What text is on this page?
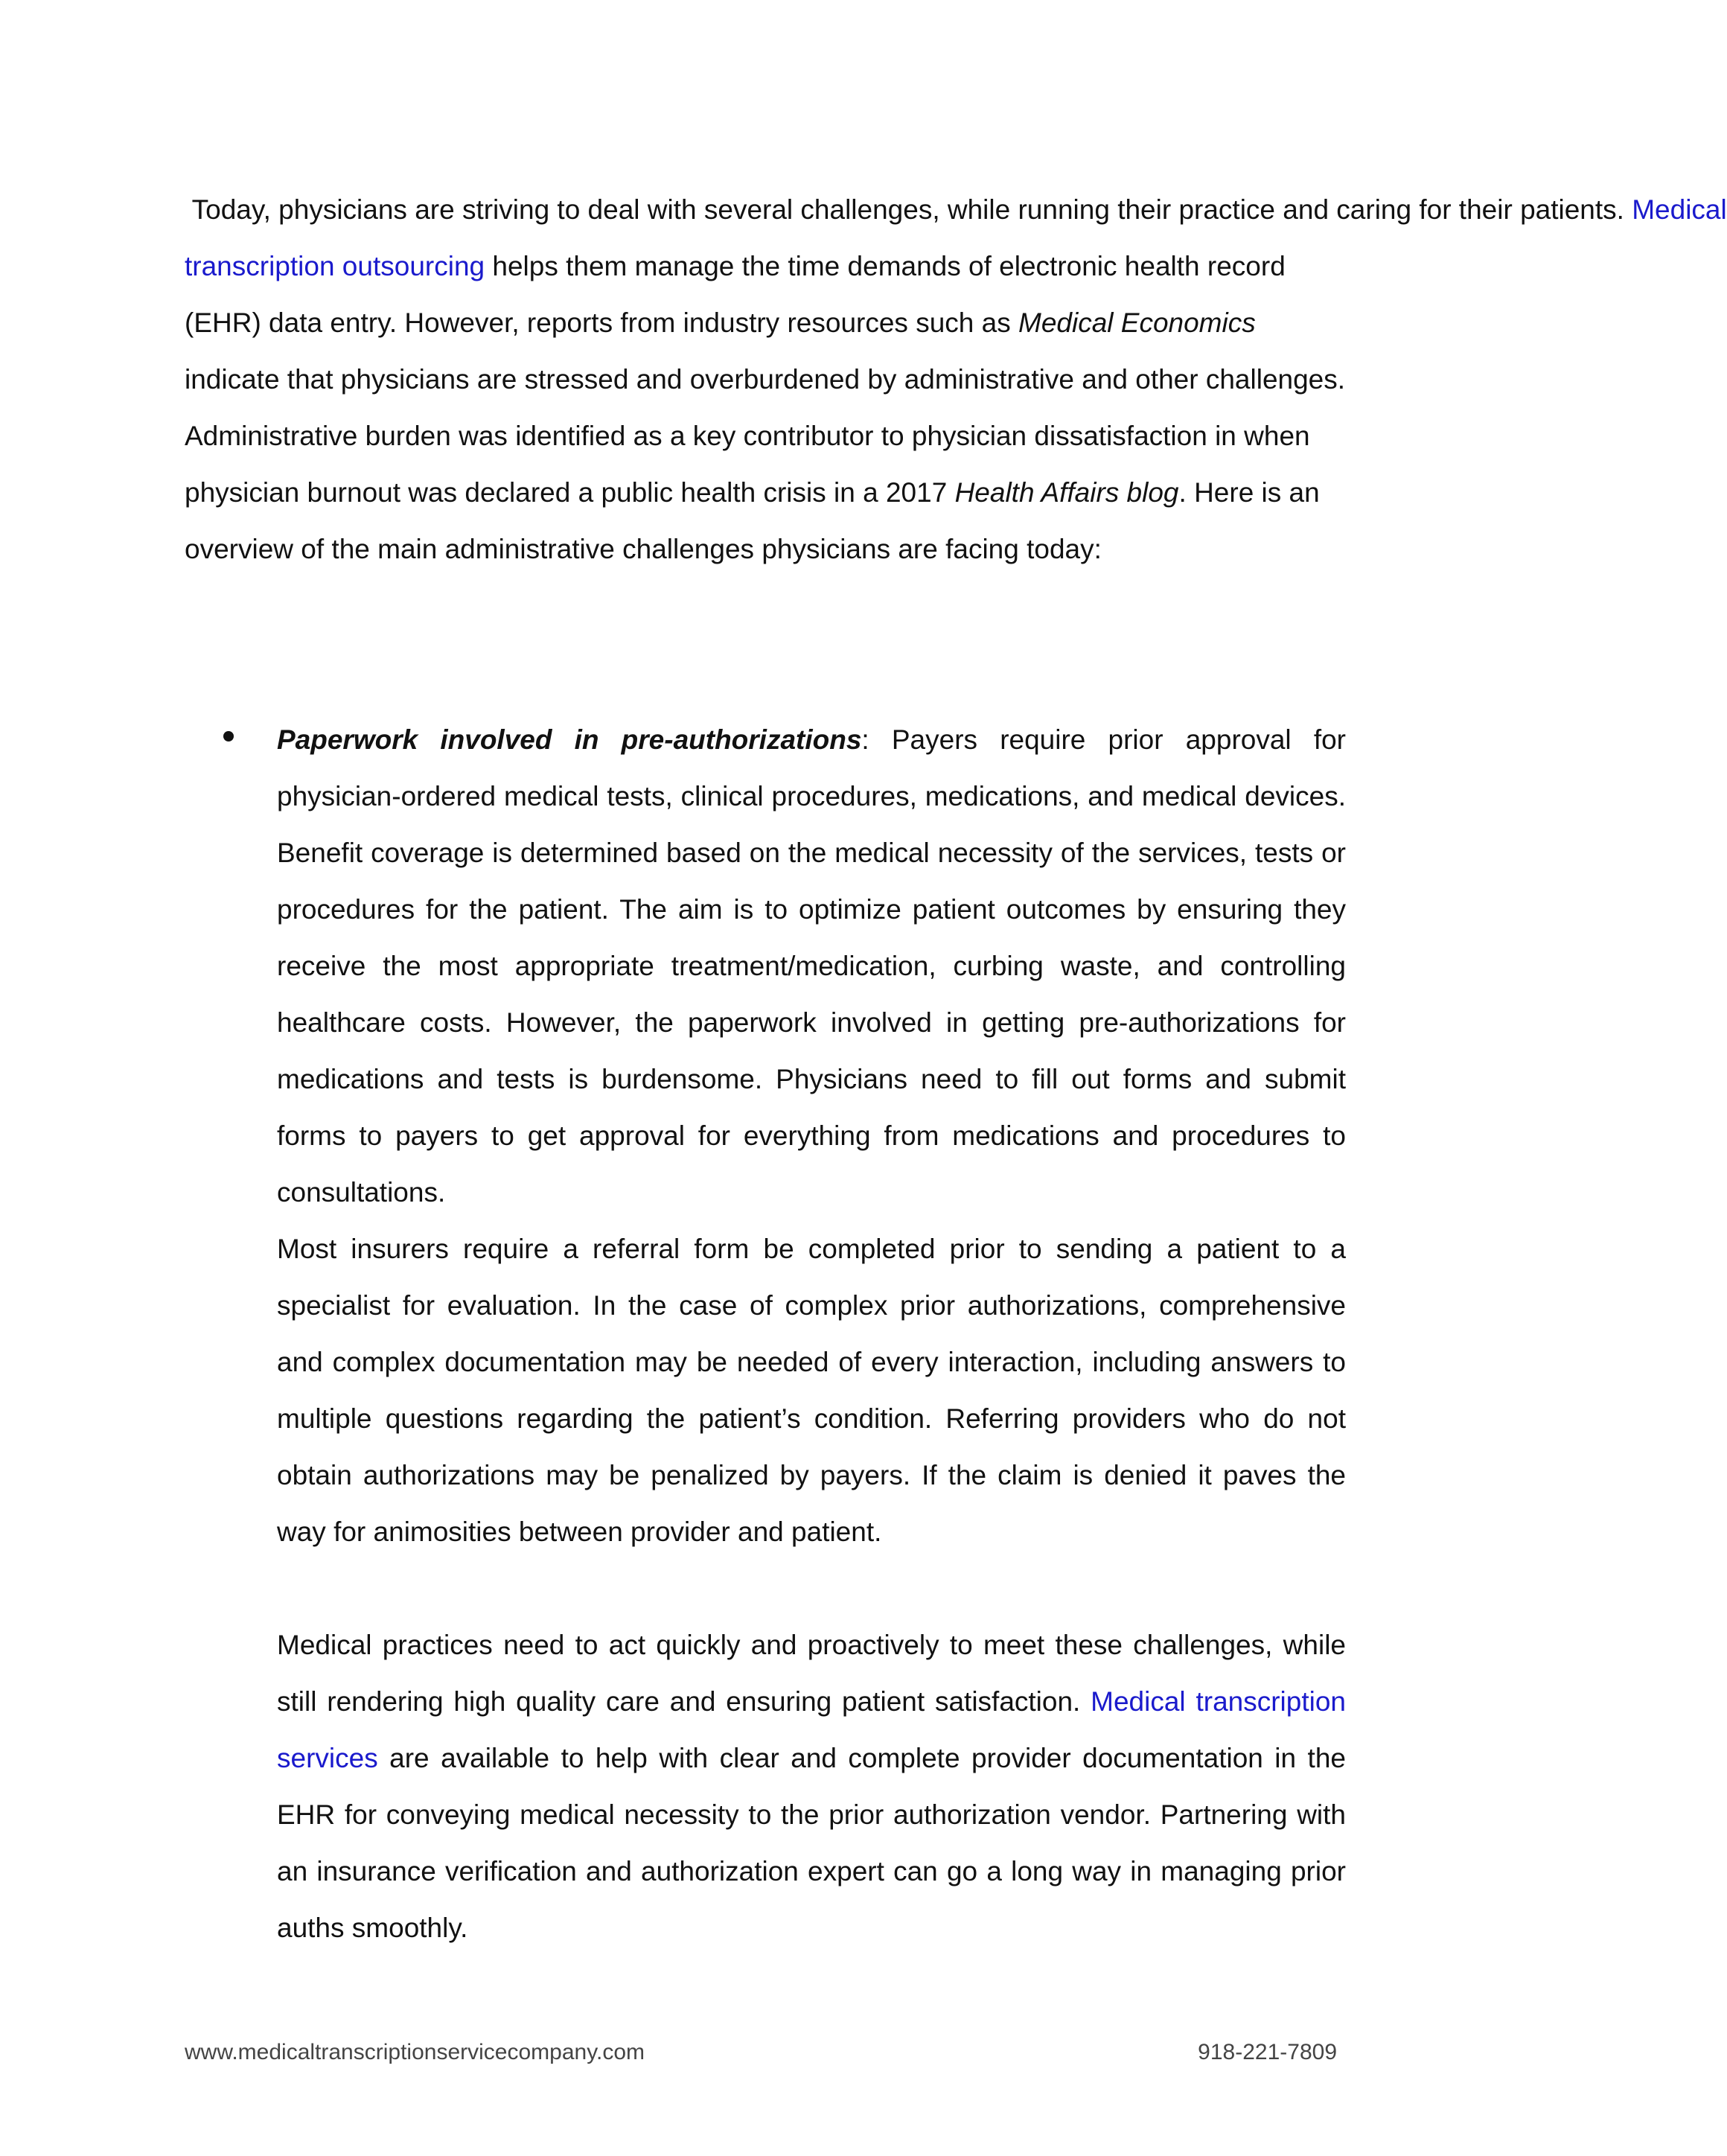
Today, physicians are striving to deal with several challenges, while running their practice and caring for their patients. Medical transcription outsourcing helps them manage the time demands of electronic health record (EHR) data entry. However, reports from industry resources such as Medical Economics indicate that physicians are stressed and overburdened by administrative and other challenges. Administrative burden was identified as a key contributor to physician dissatisfaction in when physician burnout was declared a public health crisis in a 2017 Health Affairs blog. Here is an overview of the main administrative challenges physicians are facing today:

Paperwork involved in pre-authorizations: Payers require prior approval for physician-ordered medical tests, clinical procedures, medications, and medical devices. Benefit coverage is determined based on the medical necessity of the services, tests or procedures for the patient. The aim is to optimize patient outcomes by ensuring they receive the most appropriate treatment/medication, curbing waste, and controlling healthcare costs. However, the paperwork involved in getting pre-authorizations for medications and tests is burdensome. Physicians need to fill out forms and submit forms to payers to get approval for everything from medications and procedures to consultations.

Most insurers require a referral form be completed prior to sending a patient to a specialist for evaluation. In the case of complex prior authorizations, comprehensive and complex documentation may be needed of every interaction, including answers to multiple questions regarding the patient’s condition. Referring providers who do not obtain authorizations may be penalized by payers. If the claim is denied it paves the way for animosities between provider and patient.

Medical practices need to act quickly and proactively to meet these challenges, while still rendering high quality care and ensuring patient satisfaction. Medical transcription services are available to help with clear and complete provider documentation in the EHR for conveying medical necessity to the prior authorization vendor. Partnering with an insurance verification and authorization expert can go a long way in managing prior auths smoothly.

www.medicaltranscriptionservicecompany.com	918-221-7809
